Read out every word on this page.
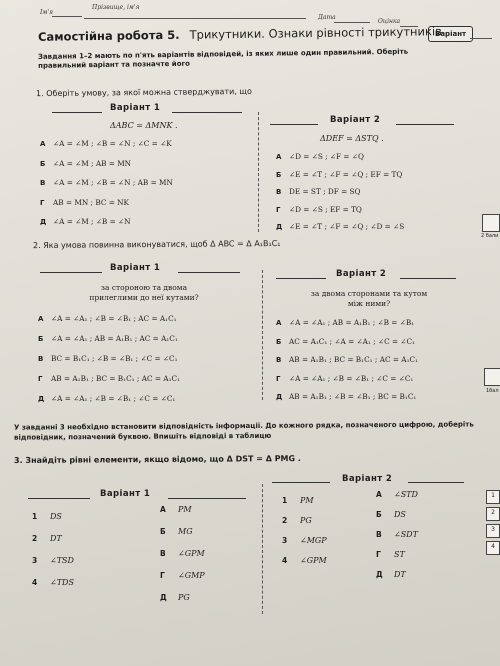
Ім'я
Прізвище, ім'я
Дата
Оцінка
Варіант
Самостійна робота 5. Трикутники. Ознаки рівності трикутників
Завдання 1–2 мають по п'ять варіантів відповідей, із яких лише один правильний. Оберіть правильний варіант та позначте його
1. Оберіть умову, за якої можна стверджувати, що
Варіант 1
ΔABC = ΔMNK .
А ∠A = ∠M ; ∠B = ∠N ; ∠C = ∠K
Б ∠A = ∠M ; AB = MN
В ∠A = ∠M ; ∠B = ∠N ; AB = MN
Г AB = MN ; BC = NK
Д ∠A = ∠M ; ∠B = ∠N
Варіант 2
ΔDEF = ΔSTQ .
А ∠D = ∠S ; ∠F = ∠Q
Б ∠E = ∠T ; ∠F = ∠Q ; EF = TQ
В DE = ST ; DF = SQ
Г ∠D = ∠S ; EF = TQ
Д ∠E = ∠T ; ∠F = ∠Q ; ∠D = ∠S
2. Яка умова повинна виконуватися, щоб Δ ABC = Δ A₁B₁C₁
Варіант 1
за стороною та двома прилеглими до неї кутами?
А ∠A = ∠A₁ ; ∠B = ∠B₁ ; AC = A₁C₁
Б ∠A = ∠A₁ ; AB = A₁B₁ ; AC = A₁C₁
В BC = B₁C₁ ; ∠B = ∠B₁ ; ∠C = ∠C₁
Г AB = A₁B₁ ; BC = B₁C₁ ; AC = A₁C₁
Д ∠A = ∠A₁ ; ∠B = ∠B₁ ; ∠C = ∠C₁
Варіант 2
за двома сторонами та кутом між ними?
А ∠A = ∠A₁ ; AB = A₁B₁ ; ∠B = ∠B₁
Б AC = A₁C₁ ; ∠A = ∠A₁ ; ∠C = ∠C₁
В AB = A₁B₁ ; BC = B₁C₁ ; AC = A₁C₁
Г ∠A = ∠A₁ ; ∠B = ∠B₁ ; ∠C = ∠C₁
Д AB = A₁B₁ ; ∠B = ∠B₁ ; BC = B₁C₁
У завданні 3 необхідно встановити відповідність інформації. До кожного рядка, позначеного цифрою, доберіть відповідник, позначений буквою. Впишіть відповіді в таблицю
3. Знайдіть рівні елементи, якщо відомо, що Δ DST = Δ PMG .
Варіант 1
1 DS
2 DT
3 ∠TSD
4 ∠TDS
А PM
Б MG
В ∠GPM
Г ∠GMP
Д PG
Варіант 2
1 PM
2 PG
3 ∠MGP
4 ∠GPM
А ∠STD
Б DS
В ∠SDT
Г ST
Д DT
2 бали
1бал
1
2
3
4
